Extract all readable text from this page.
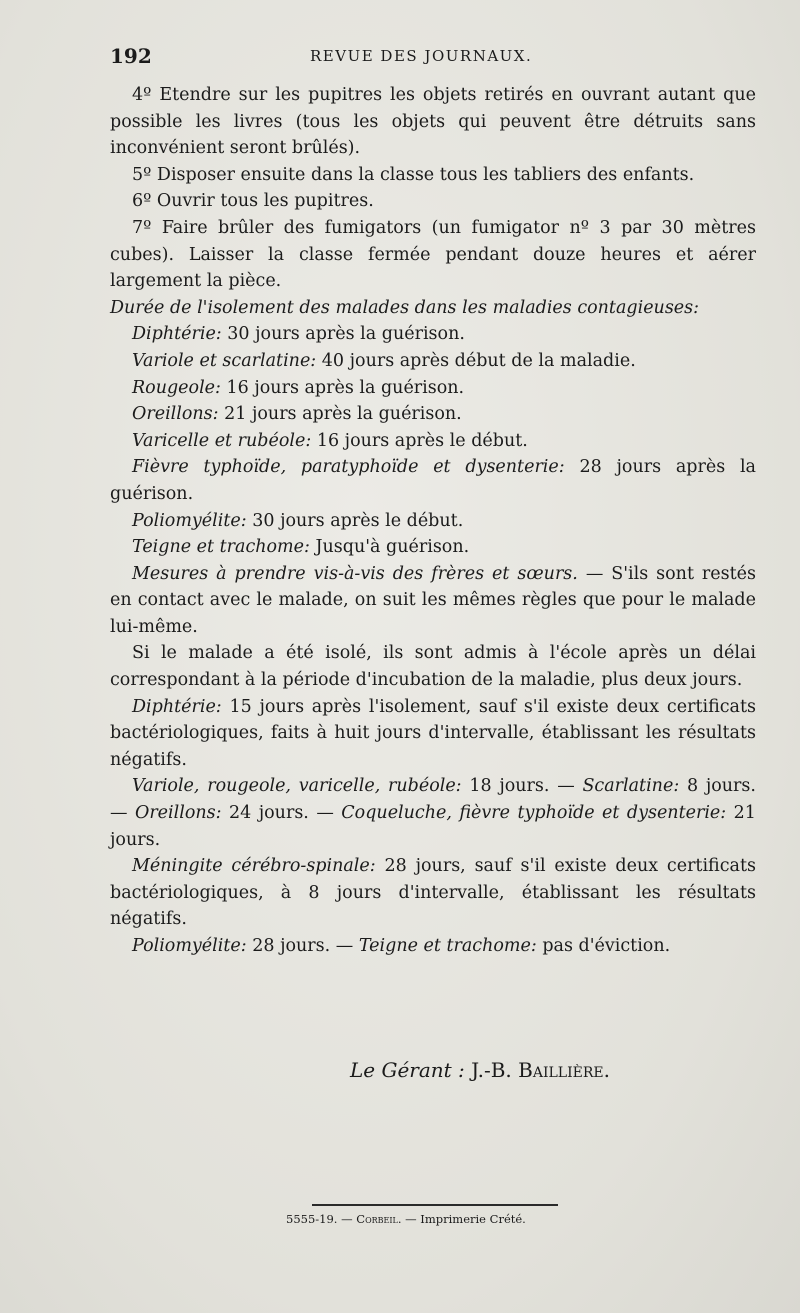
192	REVUE DES JOURNAUX.

4º Etendre sur les pupitres les objets retirés en ouvrant autant que possible les livres (tous les objets qui peuvent être détruits sans inconvénient seront brûlés).

5º Disposer ensuite dans la classe tous les tabliers des enfants.

6º Ouvrir tous les pupitres.

7º Faire brûler des fumigators (un fumigator nº 3 par 30 mètres cubes). Laisser la classe fermée pendant douze heures et aérer largement la pièce.

Durée de l'isolement des malades dans les maladies contagieuses:

Diphtérie: 30 jours après la guérison.

Variole et scarlatine: 40 jours après début de la maladie.

Rougeole: 16 jours après la guérison.

Oreillons: 21 jours après la guérison.

Varicelle et rubéole: 16 jours après le début.

Fièvre typhoïde, paratyphoïde et dysenterie: 28 jours après la guérison.

Poliomyélite: 30 jours après le début.

Teigne et trachome: Jusqu'à guérison.

Mesures à prendre vis-à-vis des frères et sœurs. — S'ils sont restés en contact avec le malade, on suit les mêmes règles que pour le malade lui-même.

Si le malade a été isolé, ils sont admis à l'école après un délai correspondant à la période d'incubation de la maladie, plus deux jours.

Diphtérie: 15 jours après l'isolement, sauf s'il existe deux certificats bactériologiques, faits à huit jours d'intervalle, établissant les résultats négatifs.

Variole, rougeole, varicelle, rubéole: 18 jours. — Scarlatine: 8 jours. — Oreillons: 24 jours. — Coqueluche, fièvre typhoïde et dysenterie: 21 jours.

Méningite cérébro-spinale: 28 jours, sauf s'il existe deux certificats bactériologiques, à 8 jours d'intervalle, établissant les résultats négatifs.

Poliomyélite: 28 jours. — Teigne et trachome: pas d'éviction.

Le Gérant : J.-B. Baillière.
5555-19. — Corbeil. — Imprimerie Crété.
